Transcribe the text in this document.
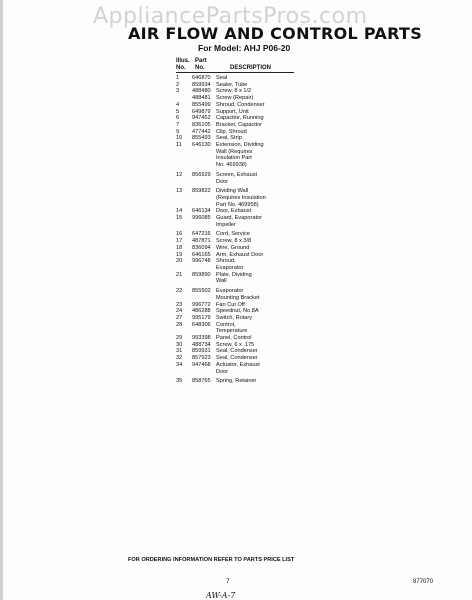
AppliancePartsPros.com
AIR FLOW AND CONTROL PARTS
For Model: AHJ P06-20
Illus.
No.
Part
No.	DESCRIPTION
1	646870 Seal
2	859934 Sealer, Tube
3	488480 Screw, 8 x 1/2
488481 Screw (Repair)
4	855499 Shroud, Condenser
5	649879 Support, Unit
6	947452 Capacitor, Running
7	836105 Bracket, Capacitor
9	477442 Clip, Shroud
10	855493 Seal, Strip
11	646130 Extension, Dividing
Wall (Requires
Insulation Part
No. 469938)
12	856929 Screen, Exhaust
Door
13	859822 Dividing Wall
(Requires Insulation
Part No. 469958)
14	646134 Door, Exhaust
15	996085 Guard, Evaporator
Impeller
16	647216 Cord, Service
17	487871 Screw, 8 x 3/8
18	836094 Wire, Ground
19	646165 Arm, Exhaust Door
20	996748 Shroud,
Evaporator
21	859890 Plate, Dividing
Wall
22	855502 Evaporator
Mounting Bracket
23	996772 Fan Cut Off
24	486288 Speednut, No.8A
27	995179 Switch, Rotary
28	648306 Control,
Temperature
29	993398 Panel, Control
30	488734 Screw, 6 x .175
31	859931 Seal, Condenser
32	857923 Seal, Condenser
34	947468 Actuator, Exhaust
Door
35	858765 Spring, Retainer
FOR ORDERING INFORMATION REFER TO PARTS PRICE LIST
7	877070
AW-A-7
